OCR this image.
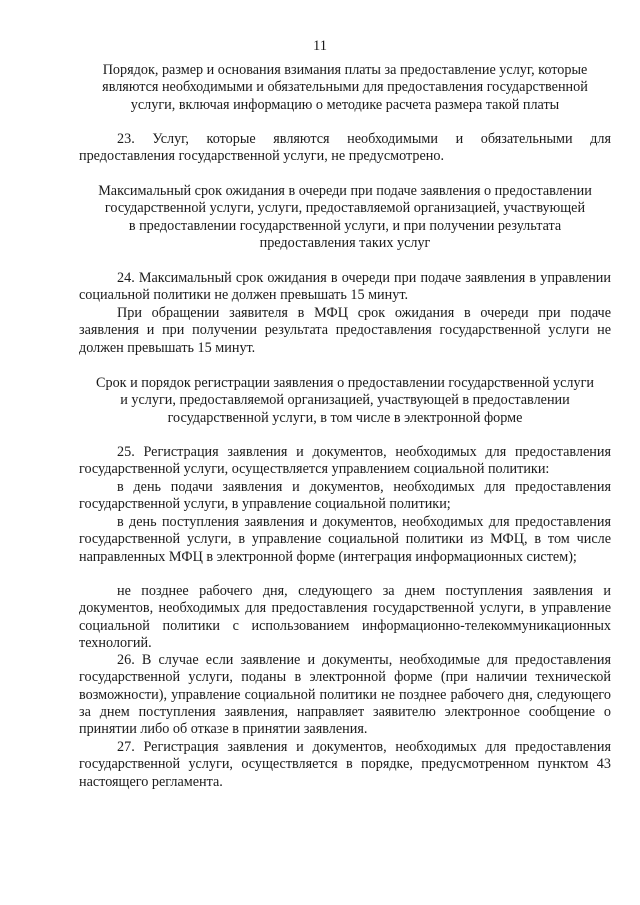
11
Порядок, размер и основания взимания платы за предоставление услуг, которые
являются необходимыми и обязательными для предоставления государственной
услуги, включая информацию о методике расчета размера такой платы
23. Услуг, которые являются необходимыми и обязательными для предоставления государственной услуги, не предусмотрено.
Максимальный срок ожидания в очереди при подаче заявления о предоставлении
государственной услуги, услуги, предоставляемой организацией, участвующей
в предоставлении государственной услуги, и при получении результата
предоставления таких услуг
24. Максимальный срок ожидания в очереди при подаче заявления в управлении социальной политики не должен превышать 15 минут.
При обращении заявителя в МФЦ срок ожидания в очереди при подаче заявления и при получении результата предоставления государственной услуги не должен превышать 15 минут.
Срок и порядок регистрации заявления о предоставлении государственной услуги
и услуги, предоставляемой организацией, участвующей в предоставлении
государственной услуги, в том числе в электронной форме
25. Регистрация заявления и документов, необходимых для предоставления государственной услуги, осуществляется управлением социальной политики:
в день подачи заявления и документов, необходимых для предоставления государственной услуги, в управление социальной политики;
в день поступления заявления и документов, необходимых для предоставления государственной услуги, в управление социальной политики из МФЦ, в том числе направленных МФЦ в электронной форме (интеграция информационных систем);
не позднее рабочего дня, следующего за днем поступления заявления и документов, необходимых для предоставления государственной услуги, в управление социальной политики с использованием информационно-телекоммуникационных технологий.
26. В случае если заявление и документы, необходимые для предоставления государственной услуги, поданы в электронной форме (при наличии технической возможности), управление социальной политики не позднее рабочего дня, следующего за днем поступления заявления, направляет заявителю электронное сообщение о принятии либо об отказе в принятии заявления.
27. Регистрация заявления и документов, необходимых для предоставления государственной услуги, осуществляется в порядке, предусмотренном пунктом 43 настоящего регламента.
